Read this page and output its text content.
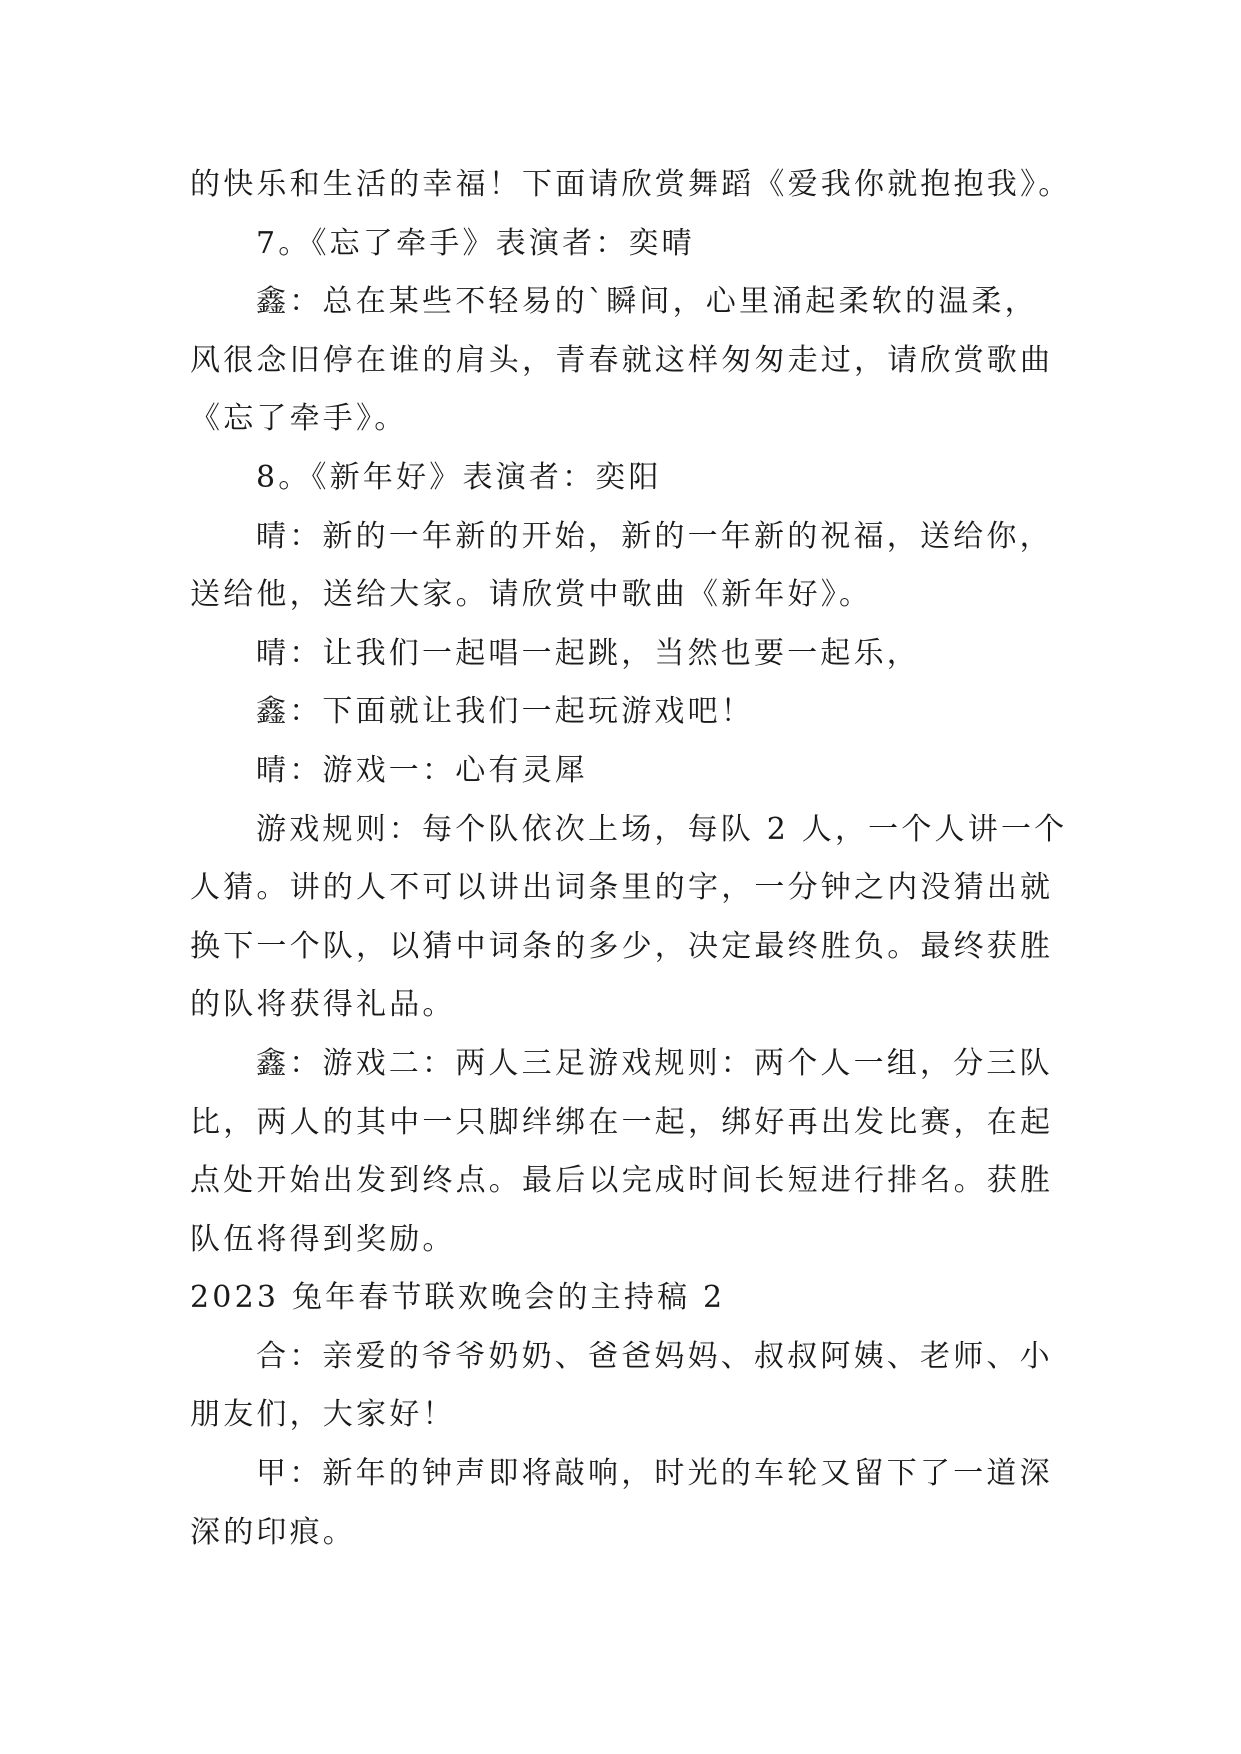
的快乐和生活的幸福！下面请欣赏舞蹈《爱我你就抱抱我》。
7。《忘了牵手》表演者：奕晴
鑫：总在某些不轻易的`瞬间，心里涌起柔软的温柔，
风很念旧停在谁的肩头，青春就这样匆匆走过，请欣赏歌曲
《忘了牵手》。
8。《新年好》表演者：奕阳
晴：新的一年新的开始，新的一年新的祝福，送给你，
送给他，送给大家。请欣赏中歌曲《新年好》。
晴：让我们一起唱一起跳，当然也要一起乐，
鑫：下面就让我们一起玩游戏吧！
晴：游戏一：心有灵犀
游戏规则：每个队依次上场，每队 2 人，一个人讲一个
人猜。讲的人不可以讲出词条里的字，一分钟之内没猜出就
换下一个队，以猜中词条的多少，决定最终胜负。最终获胜
的队将获得礼品。
鑫：游戏二：两人三足游戏规则：两个人一组，分三队
比，两人的其中一只脚绊绑在一起，绑好再出发比赛，在起
点处开始出发到终点。最后以完成时间长短进行排名。获胜
队伍将得到奖励。
2023 兔年春节联欢晚会的主持稿 2
合：亲爱的爷爷奶奶、爸爸妈妈、叔叔阿姨、老师、小
朋友们，大家好！
甲：新年的钟声即将敲响，时光的车轮又留下了一道深
深的印痕。
